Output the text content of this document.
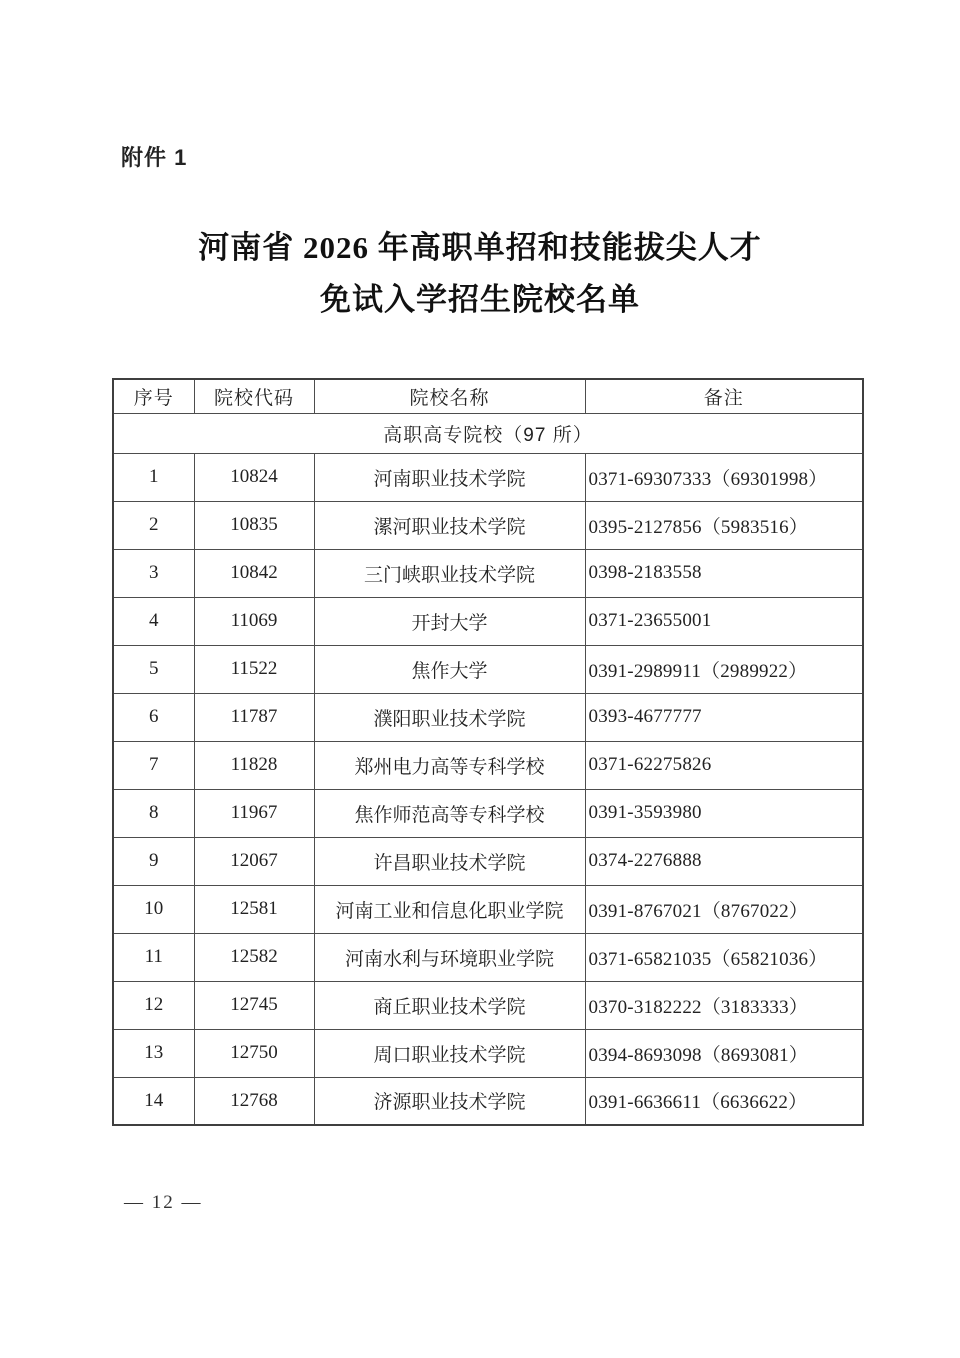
附件 1
河南省 2026 年高职单招和技能拔尖人才
免试入学招生院校名单
序号	院校代码	院校名称	备注
高职高专院校（97 所）			
1	10824	河南职业技术学院	0371-69307333（69301998）
2	10835	漯河职业技术学院	0395-2127856（5983516）
3	10842	三门峡职业技术学院	0398-2183558
4	11069	开封大学	0371-23655001
5	11522	焦作大学	0391-2989911（2989922）
6	11787	濮阳职业技术学院	0393-4677777
7	11828	郑州电力高等专科学校	0371-62275826
8	11967	焦作师范高等专科学校	0391-3593980
9	12067	许昌职业技术学院	0374-2276888
10	12581	河南工业和信息化职业学院	0391-8767021（8767022）
11	12582	河南水利与环境职业学院	0371-65821035（65821036）
12	12745	商丘职业技术学院	0370-3182222（3183333）
13	12750	周口职业技术学院	0394-8693098（8693081）
14	12768	济源职业技术学院	0391-6636611（6636622）
— 12 —
